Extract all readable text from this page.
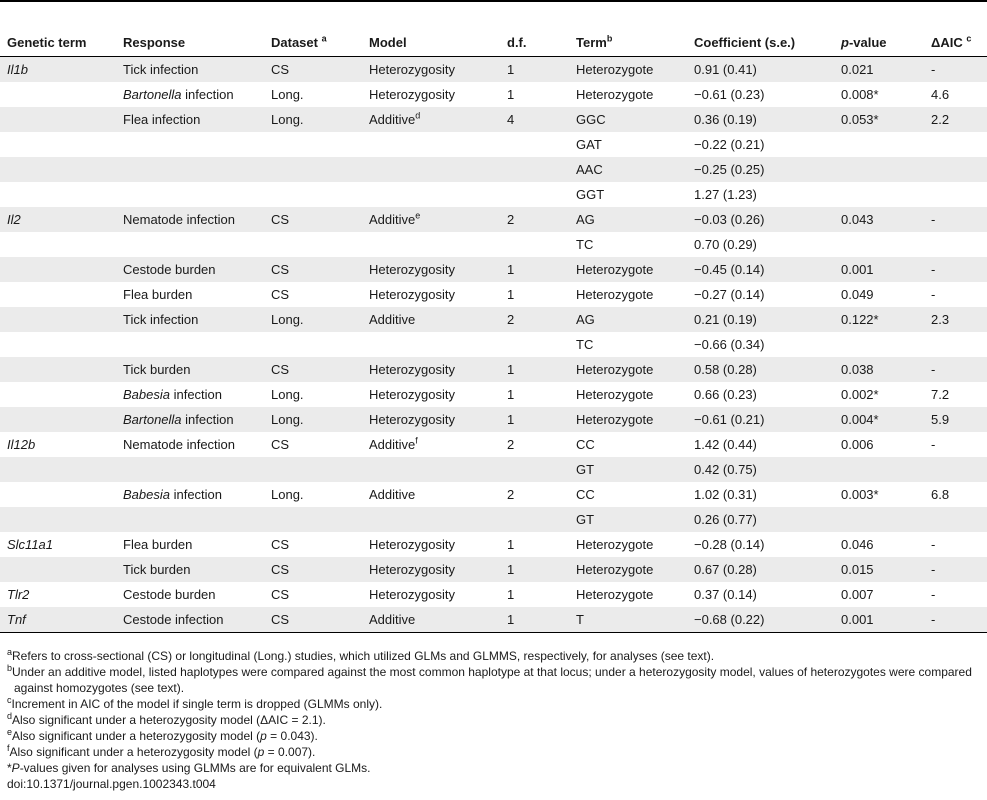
Genetic term	Response	Dataset $^a$	Model	d.f.	Term$^b$	Coefficient (s.e.)	p-value	ΔAIC $^c$
Il1b	Tick infection	CS	Heterozygosity	1	Heterozygote	0.91 (0.41)	0.021	-
	Bartonella infection	Long.	Heterozygosity	1	Heterozygote	−0.61 (0.23)	0.008*	4.6
	Flea infection	Long.	Additive$^d$	4	GGC	0.36 (0.19)	0.053*	2.2
					GAT	−0.22 (0.21)		
					AAC	−0.25 (0.25)		
					GGT	1.27 (1.23)		
Il2	Nematode infection	CS	Additive$^e$	2	AG	−0.03 (0.26)	0.043	-
					TC	0.70 (0.29)		
	Cestode burden	CS	Heterozygosity	1	Heterozygote	−0.45 (0.14)	0.001	-
	Flea burden	CS	Heterozygosity	1	Heterozygote	−0.27 (0.14)	0.049	-
	Tick infection	Long.	Additive	2	AG	0.21 (0.19)	0.122*	2.3
					TC	−0.66 (0.34)		
	Tick burden	CS	Heterozygosity	1	Heterozygote	0.58 (0.28)	0.038	-
	Babesia infection	Long.	Heterozygosity	1	Heterozygote	0.66 (0.23)	0.002*	7.2
	Bartonella infection	Long.	Heterozygosity	1	Heterozygote	−0.61 (0.21)	0.004*	5.9
Il12b	Nematode infection	CS	Additive$^f$	2	CC	1.42 (0.44)	0.006	-
					GT	0.42 (0.75)		
	Babesia infection	Long.	Additive	2	CC	1.02 (0.31)	0.003*	6.8
					GT	0.26 (0.77)		
Slc11a1	Flea burden	CS	Heterozygosity	1	Heterozygote	−0.28 (0.14)	0.046	-
	Tick burden	CS	Heterozygosity	1	Heterozygote	0.67 (0.28)	0.015	-
Tlr2	Cestode burden	CS	Heterozygosity	1	Heterozygote	0.37 (0.14)	0.007	-
Tnf	Cestode infection	CS	Additive	1	T	−0.68 (0.22)	0.001	-
$^a$Refers to cross-sectional (CS) or longitudinal (Long.) studies, which utilized GLMs and GLMMS, respectively, for analyses (see text).
$^b$Under an additive model, listed haplotypes were compared against the most common haplotype at that locus; under a heterozygosity model, values of heterozygotes were compared against homozygotes (see text).
$^c$Increment in AIC of the model if single term is dropped (GLMMs only).
$^d$Also significant under a heterozygosity model (ΔAIC = 2.1).
$^e$Also significant under a heterozygosity model (p = 0.043).
$^f$Also significant under a heterozygosity model (p = 0.007).
*P-values given for analyses using GLMMs are for equivalent GLMs.
doi:10.1371/journal.pgen.1002343.t004
